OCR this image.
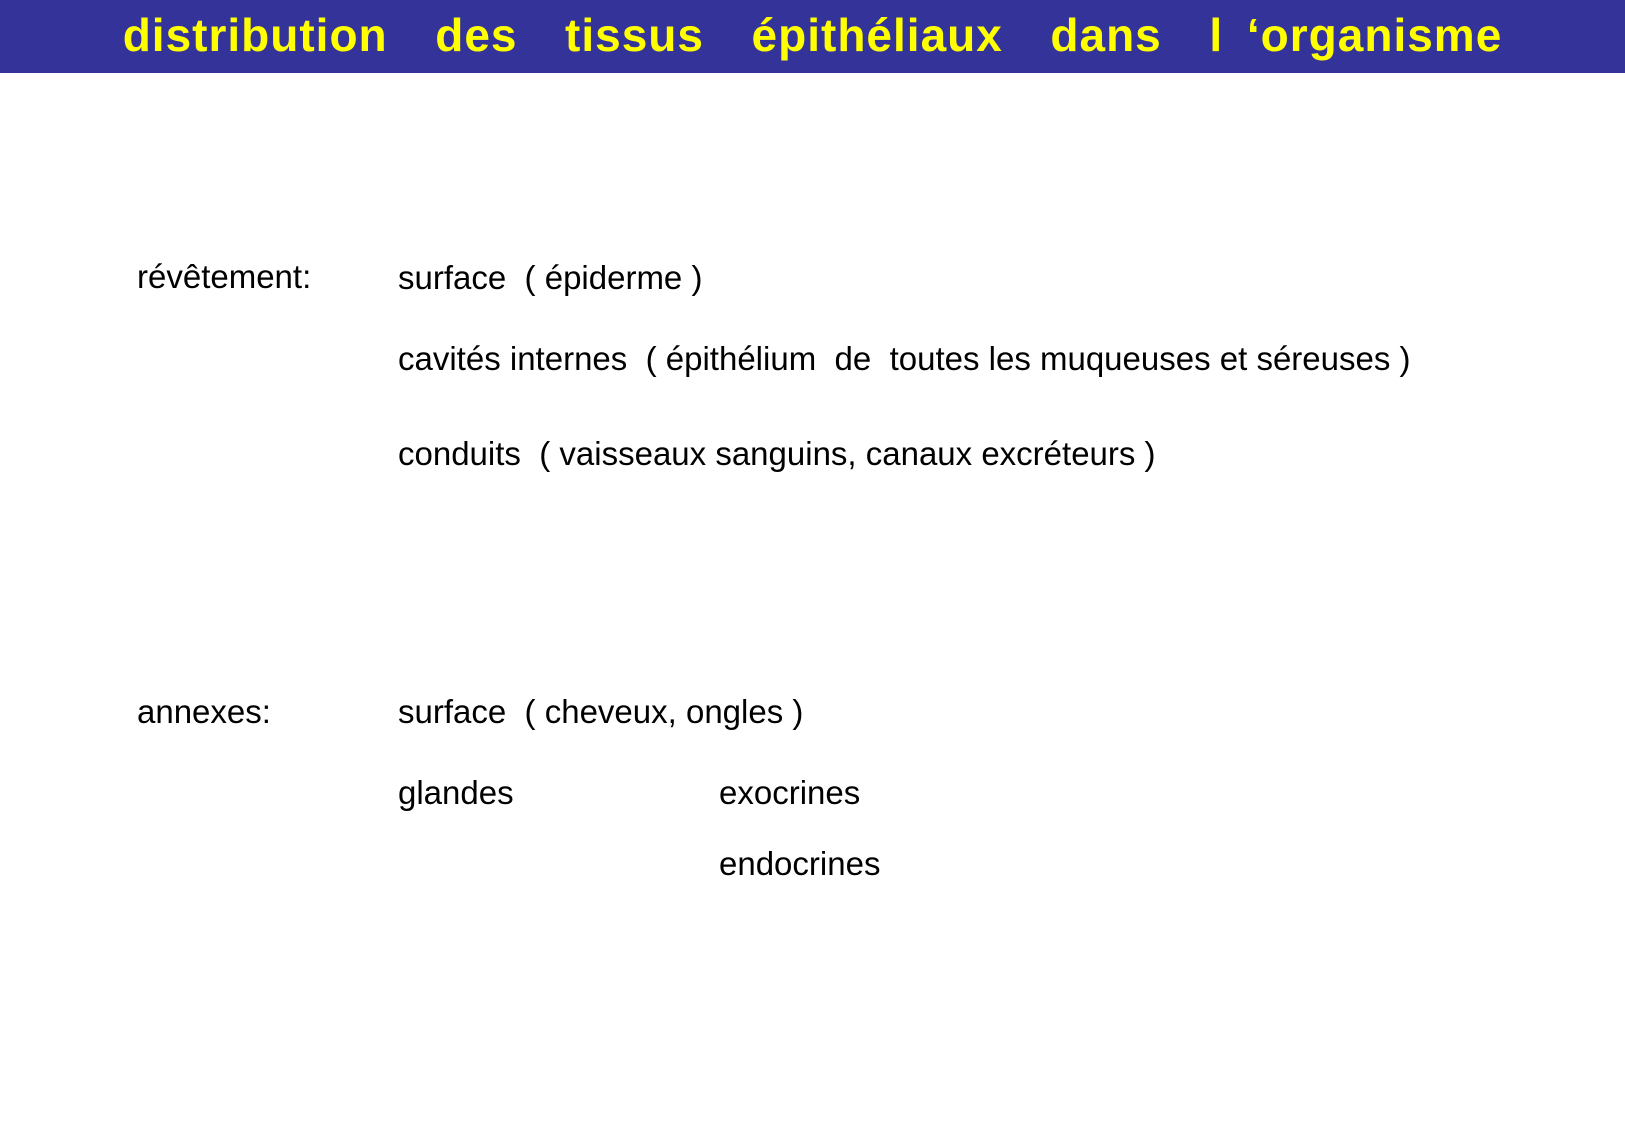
distribution  des  tissus  épithéliaux  dans  l ‘organisme
révêtement:	surface  ( épiderme )
cavités internes  ( épithélium  de  toutes les muqueuses et séreuses )
conduits  ( vaisseaux sanguins, canaux excréteurs )
annexes:	surface  ( cheveux, ongles )
glandes	exocrines
endocrines
